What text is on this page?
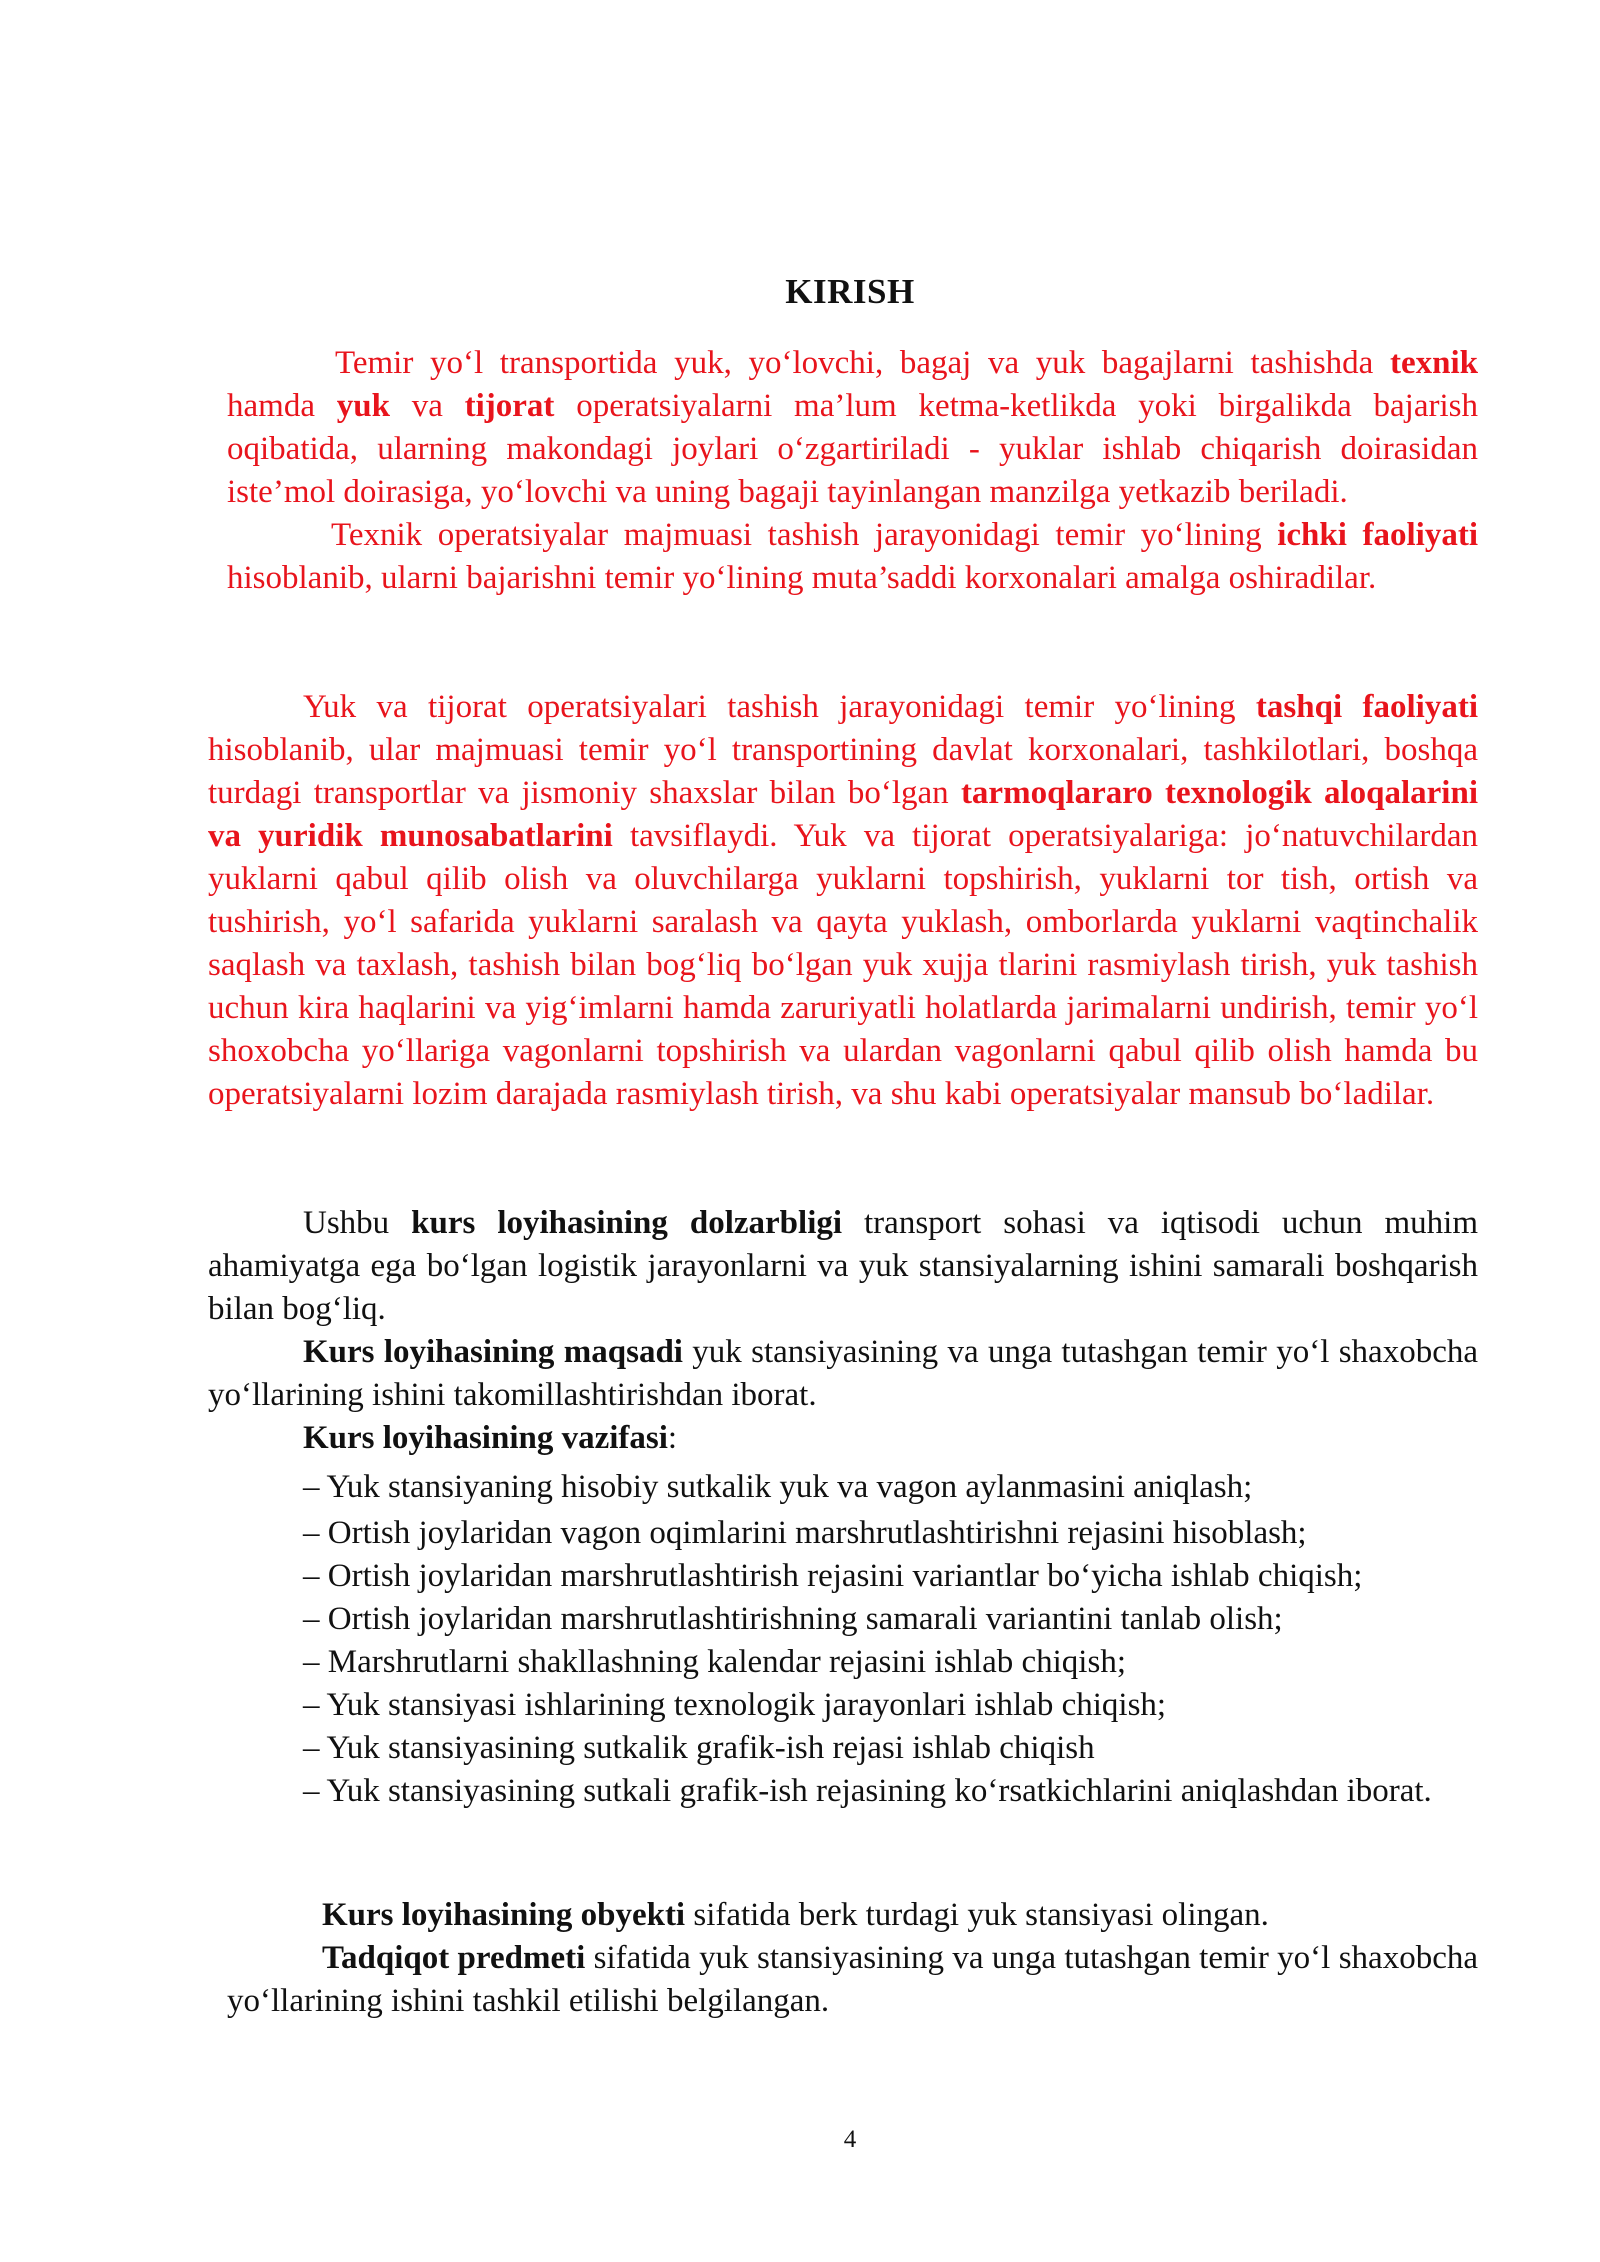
KIRISH

Temir yo‘l transportida yuk, yo‘lovchi, bagaj va yuk bagajlarni tashishda texnik hamda yuk va tijorat operatsiyalarni ma’lum ketma-ketlikda yoki birgalikda bajarish oqibatida, ularning makondagi joylari o‘zgartiriladi - yuklar ishlab chiqarish doirasidan iste’mol doirasiga, yo‘lovchi va uning bagaji tayinlangan manzilga yetkazib beriladi.

Texnik operatsiyalar majmuasi tashish jarayonidagi temir yo‘lining ichki faoliyati hisoblanib, ularni bajarishni temir yo‘lining muta’saddi korxonalari amalga oshiradilar.

Yuk va tijorat operatsiyalari tashish jarayonidagi temir yo‘lining tashqi faoliyati hisoblanib, ular majmuasi temir yo‘l transportining davlat korxonalari, tashkilotlari, boshqa turdagi transportlar va jismoniy shaxslar bilan bo‘lgan tarmoqlararo texnologik aloqalarini va yuridik munosabatlarini tavsiflaydi. Yuk va tijorat operatsiyalariga: jo‘natuvchilardan yuklarni qabul qilib olish va oluvchilarga yuklarni topshirish, yuklarni tor tish, ortish va tushirish, yo‘l safarida yuklarni saralash va qayta yuklash, omborlarda yuklarni vaqtinchalik saqlash va taxlash, tashish bilan bog‘liq bo‘lgan yuk xujja tlarini rasmiylash tirish, yuk tashish uchun kira haqlarini va yig‘imlarni hamda zaruriyatli holatlarda jarimalarni undirish, temir yo‘l shoxobcha yo‘llariga vagonlarni topshirish va ulardan vagonlarni qabul qilib olish hamda bu operatsiyalarni lozim darajada rasmiylash tirish, va shu kabi operatsiyalar mansub bo‘ladilar.

Ushbu kurs loyihasining dolzarbligi transport sohasi va iqtisodi uchun muhim ahamiyatga ega bo‘lgan logistik jarayonlarni va yuk stansiyalarning ishini samarali boshqarish bilan bog‘liq.

Kurs loyihasining maqsadi yuk stansiyasining va unga tutashgan temir yo‘l shaxobcha yo‘llarining ishini takomillashtirishdan iborat.

Kurs loyihasining vazifasi:

– Yuk stansiyaning hisobiy sutkalik yuk va vagon aylanmasini aniqlash;

– Ortish joylaridan vagon oqimlarini marshrutlashtirishni rejasini hisoblash;

– Ortish joylaridan marshrutlashtirish rejasini variantlar bo‘yicha ishlab chiqish;

– Ortish joylaridan marshrutlashtirishning samarali variantini tanlab olish;

– Marshrutlarni shakllashning kalendar rejasini ishlab chiqish;

– Yuk stansiyasi ishlarining texnologik jarayonlari ishlab chiqish;

– Yuk stansiyasining sutkalik grafik-ish rejasi ishlab chiqish

– Yuk stansiyasining sutkali grafik-ish rejasining ko‘rsatkichlarini aniqlashdan iborat.

Kurs loyihasining obyekti sifatida berk turdagi yuk stansiyasi olingan.

Tadqiqot predmeti sifatida yuk stansiyasining va unga tutashgan temir yo‘l shaxobcha yo‘llarining ishini tashkil etilishi belgilangan.

4
